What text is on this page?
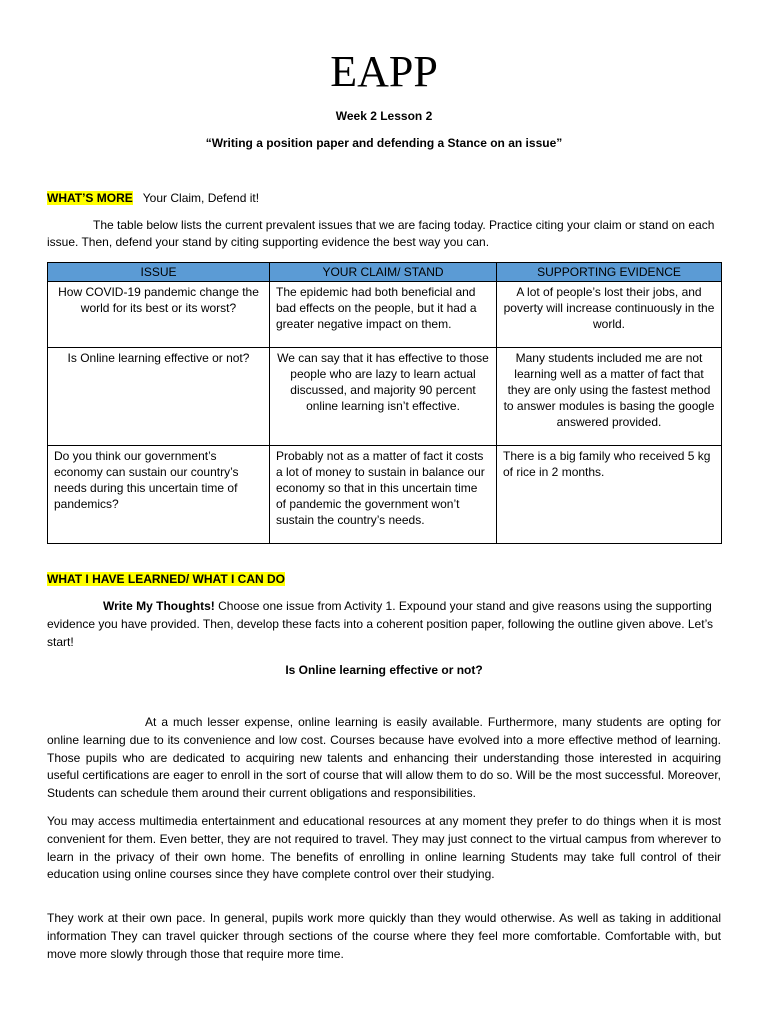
EAPP
Week 2 Lesson 2
“Writing a position paper and defending a Stance on an issue”
WHAT’S MORE Your Claim, Defend it!

The table below lists the current prevalent issues that we are facing today. Practice citing your claim or stand on each issue. Then, defend your stand by citing supporting evidence the best way you can.

ISSUE	YOUR CLAIM/ STAND	SUPPORTING EVIDENCE
How COVID-19 pandemic change the world for its best or its worst?	The epidemic had both beneficial and bad effects on the people, but it had a greater negative impact on them.	A lot of people’s lost their jobs, and poverty will increase continuously in the world.
Is Online learning effective or not?	We can say that it has effective to those people who are lazy to learn actual discussed, and majority 90 percent online learning isn’t effective.	Many students included me are not learning well as a matter of fact that they are only using the fastest method to answer modules is basing the google answered provided.
Do you think our government’s economy can sustain our country’s needs during this uncertain time of pandemics?	Probably not as a matter of fact it costs a lot of money to sustain in balance our economy so that in this uncertain time of pandemic the government won’t sustain the country’s needs.	There is a big family who received 5 kg of rice in 2 months.
WHAT I HAVE LEARNED/ WHAT I CAN DO

Write My Thoughts! Choose one issue from Activity 1. Expound your stand and give reasons using the supporting evidence you have provided. Then, develop these facts into a coherent position paper, following the outline given above. Let’s start!

Is Online learning effective or not?

At a much lesser expense, online learning is easily available. Furthermore, many students are opting for online learning due to its convenience and low cost. Courses because have evolved into a more effective method of learning. Those pupils who are dedicated to acquiring new talents and enhancing their understanding those interested in acquiring useful certifications are eager to enroll in the sort of course that will allow them to do so. Will be the most successful. Moreover, Students can schedule them around their current obligations and responsibilities.

You may access multimedia entertainment and educational resources at any moment they prefer to do things when it is most convenient for them. Even better, they are not required to travel. They may just connect to the virtual campus from wherever to learn in the privacy of their own home. The benefits of enrolling in online learning Students may take full control of their education using online courses since they have complete control over their studying.

They work at their own pace. In general, pupils work more quickly than they would otherwise. As well as taking in additional information They can travel quicker through sections of the course where they feel more comfortable. Comfortable with, but move more slowly through those that require more time.
